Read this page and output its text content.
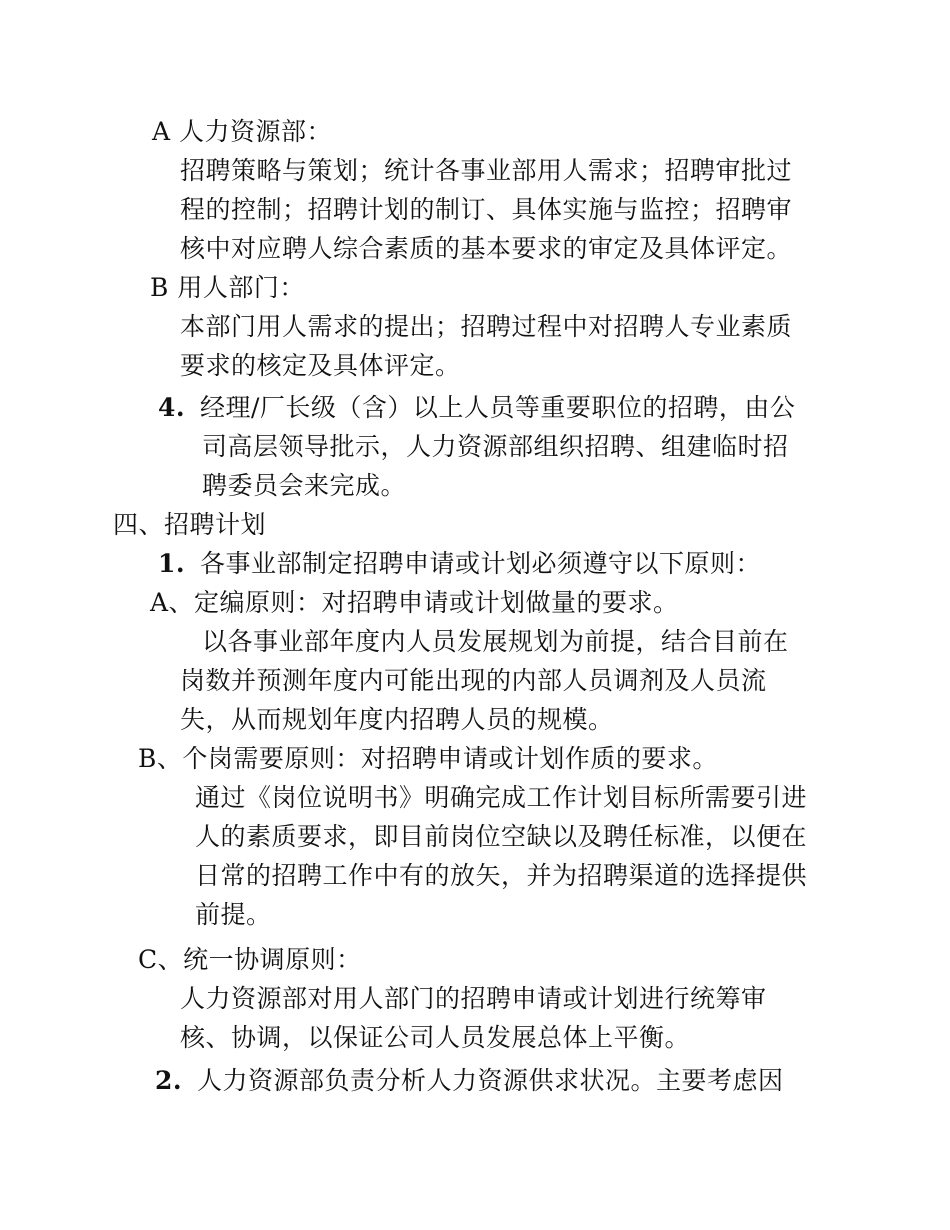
A 人力资源部：
招聘策略与策划；统计各事业部用人需求；招聘审批过
程的控制；招聘计划的制订、具体实施与监控；招聘审
核中对应聘人综合素质的基本要求的审定及具体评定。
B 用人部门：
本部门用人需求的提出；招聘过程中对招聘人专业素质
要求的核定及具体评定。
4. 经理/厂长级（含）以上人员等重要职位的招聘，由公
司高层领导批示，人力资源部组织招聘、组建临时招
聘委员会来完成。
四、招聘计划
1. 各事业部制定招聘申请或计划必须遵守以下原则：
A、定编原则：对招聘申请或计划做量的要求。
以各事业部年度内人员发展规划为前提，结合目前在
岗数并预测年度内可能出现的内部人员调剂及人员流
失，从而规划年度内招聘人员的规模。
B、个岗需要原则：对招聘申请或计划作质的要求。
通过《岗位说明书》明确完成工作计划目标所需要引进
人的素质要求，即目前岗位空缺以及聘任标准，以便在
日常的招聘工作中有的放矢，并为招聘渠道的选择提供
前提。
C、统一协调原则：
人力资源部对用人部门的招聘申请或计划进行统筹审
核、协调，以保证公司人员发展总体上平衡。
2. 人力资源部负责分析人力资源供求状况。主要考虑因
